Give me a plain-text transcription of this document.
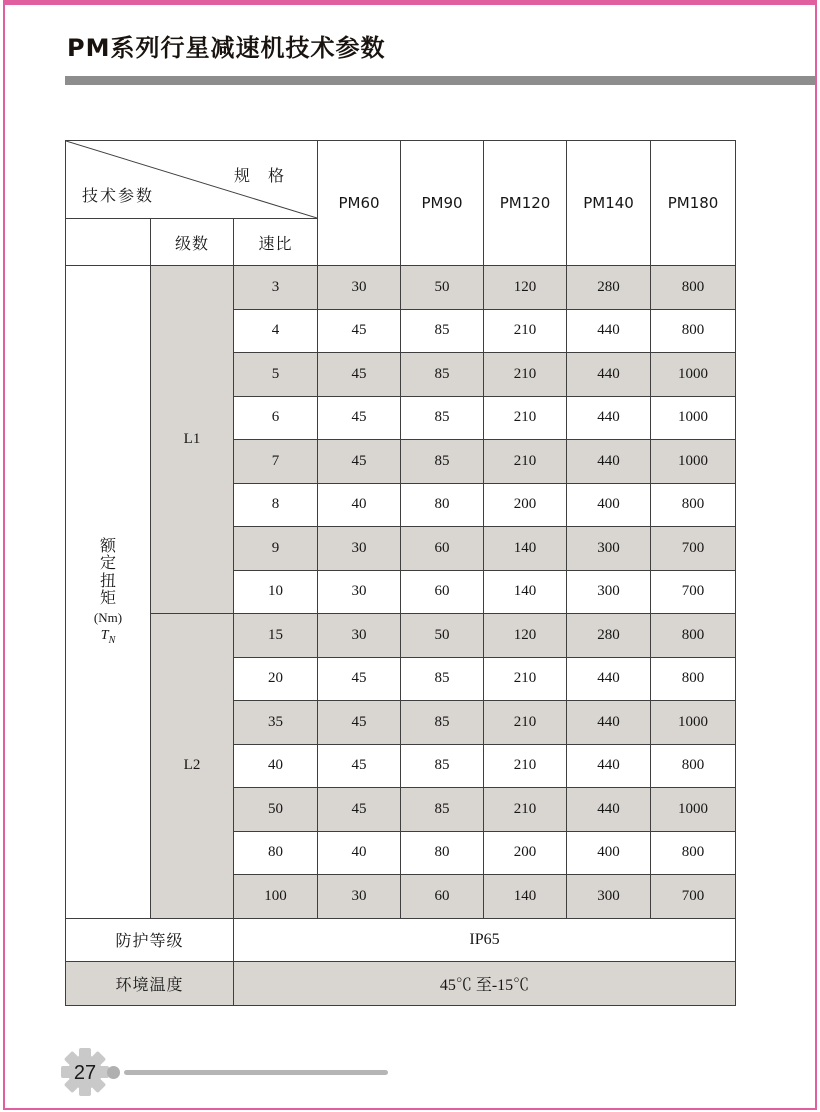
PM系列行星减速机技术参数
规 格
技术参数			PM60	PM90	PM120	PM140	PM180
	级数	速比					

额
定
扭
矩
(Nm)
$T_N$
	L1	3	30	50	120	280	800
		4	45	85	210	440	800
		5	45	85	210	440	1000
		6	45	85	210	440	1000
		7	45	85	210	440	1000
		8	40	80	200	400	800
		9	30	60	140	300	700
		10	30	60	140	300	700
	L2	15	30	50	120	280	800
		20	45	85	210	440	800
		35	45	85	210	440	1000
		40	45	85	210	440	800
		50	45	85	210	440	1000
		80	40	80	200	400	800
		100	30	60	140	300	700
防护等级		IP65					
环境温度		45℃ 至-15℃					
27
